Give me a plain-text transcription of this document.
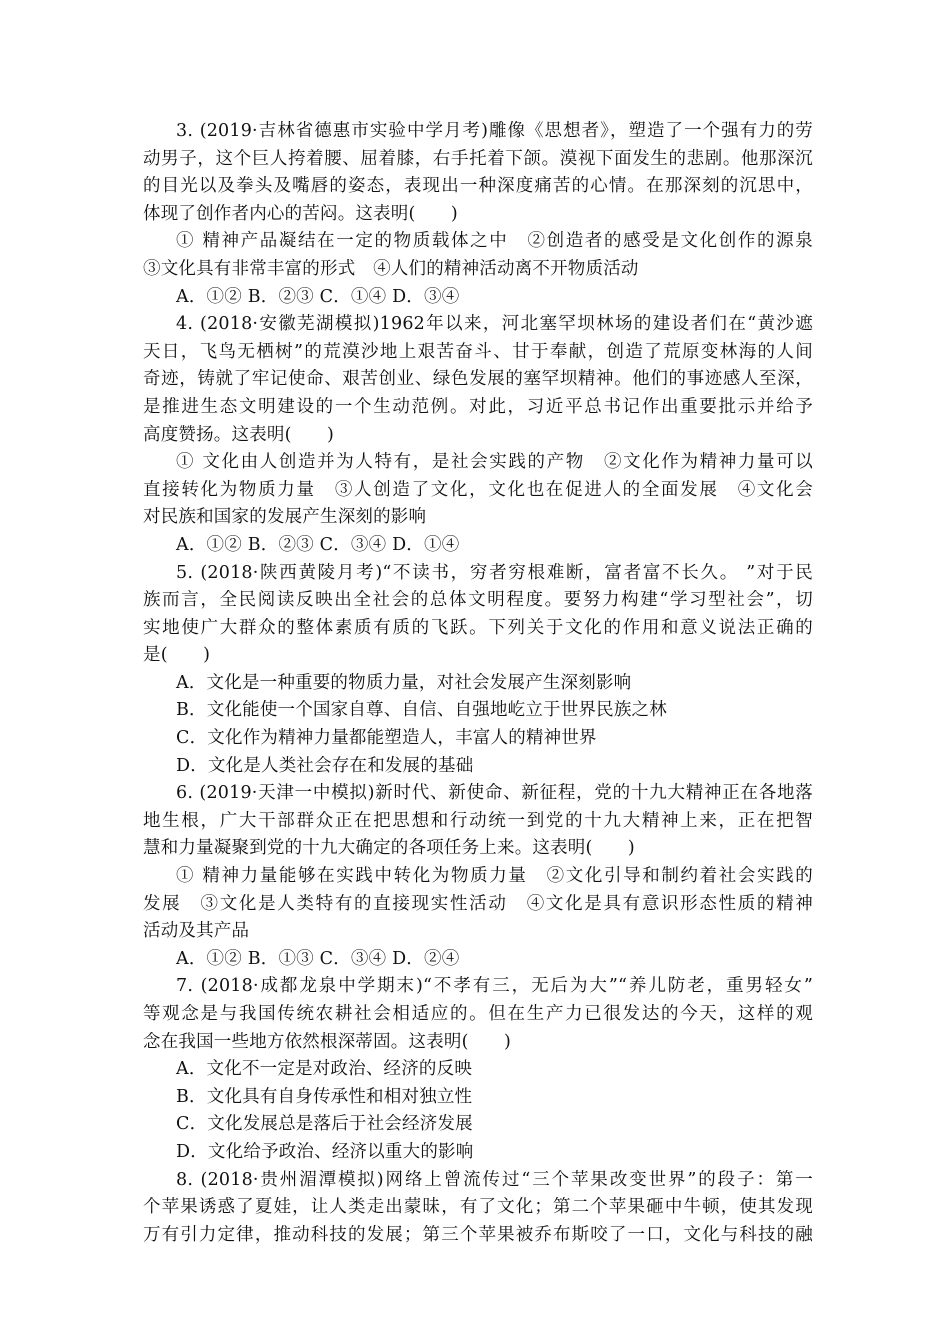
3. (2019·吉林省德惠市实验中学月考)雕像《思想者》，塑造了一个强有力的劳
动男子，这个巨人挎着腰、屈着膝，右手托着下颌。漠视下面发生的悲剧。他那深沉
的目光以及拳头及嘴唇的姿态，表现出一种深度痛苦的心情。在那深刻的沉思中，
体现了创作者内心的苦闷。这表明(　　)
① 精神产品凝结在一定的物质载体之中　②创造者的感受是文化创作的源泉
③文化具有非常丰富的形式　④人们的精神活动离不开物质活动
A．①② B．②③ C．①④ D．③④
4. (2018·安徽芜湖模拟)1962年以来，河北塞罕坝林场的建设者们在“黄沙遮
天日，飞鸟无栖树”的荒漠沙地上艰苦奋斗、甘于奉献，创造了荒原变林海的人间
奇迹，铸就了牢记使命、艰苦创业、绿色发展的塞罕坝精神。他们的事迹感人至深，
是推进生态文明建设的一个生动范例。对此，习近平总书记作出重要批示并给予
高度赞扬。这表明(　　)
① 文化由人创造并为人特有，是社会实践的产物　②文化作为精神力量可以
直接转化为物质力量　③人创造了文化，文化也在促进人的全面发展　④文化会
对民族和国家的发展产生深刻的影响
A．①② B．②③ C．③④ D．①④
5. (2018·陕西黄陵月考)“不读书，穷者穷根难断，富者富不长久。 ”对于民
族而言，全民阅读反映出全社会的总体文明程度。要努力构建“学习型社会”，切
实地使广大群众的整体素质有质的飞跃。下列关于文化的作用和意义说法正确的
是(　　)
A．文化是一种重要的物质力量，对社会发展产生深刻影响
B．文化能使一个国家自尊、自信、自强地屹立于世界民族之林
C．文化作为精神力量都能塑造人，丰富人的精神世界
D．文化是人类社会存在和发展的基础
6. (2019·天津一中模拟)新时代、新使命、新征程，党的十九大精神正在各地落
地生根，广大干部群众正在把思想和行动统一到党的十九大精神上来，正在把智
慧和力量凝聚到党的十九大确定的各项任务上来。这表明(　　)
① 精神力量能够在实践中转化为物质力量　②文化引导和制约着社会实践的
发展　③文化是人类特有的直接现实性活动　④文化是具有意识形态性质的精神
活动及其产品
A．①② B．①③ C．③④ D．②④
7. (2018·成都龙泉中学期末)“不孝有三，无后为大”“养儿防老，重男轻女”
等观念是与我国传统农耕社会相适应的。但在生产力已很发达的今天，这样的观
念在我国一些地方依然根深蒂固。这表明(　　)
A．文化不一定是对政治、经济的反映
B．文化具有自身传承性和相对独立性
C．文化发展总是落后于社会经济发展
D．文化给予政治、经济以重大的影响
8. (2018·贵州湄潭模拟)网络上曾流传过“三个苹果改变世界”的段子：第一
个苹果诱惑了夏娃，让人类走出蒙昧，有了文化；第二个苹果砸中牛顿，使其发现
万有引力定律，推动科技的发展；第三个苹果被乔布斯咬了一口，文化与科技的融
